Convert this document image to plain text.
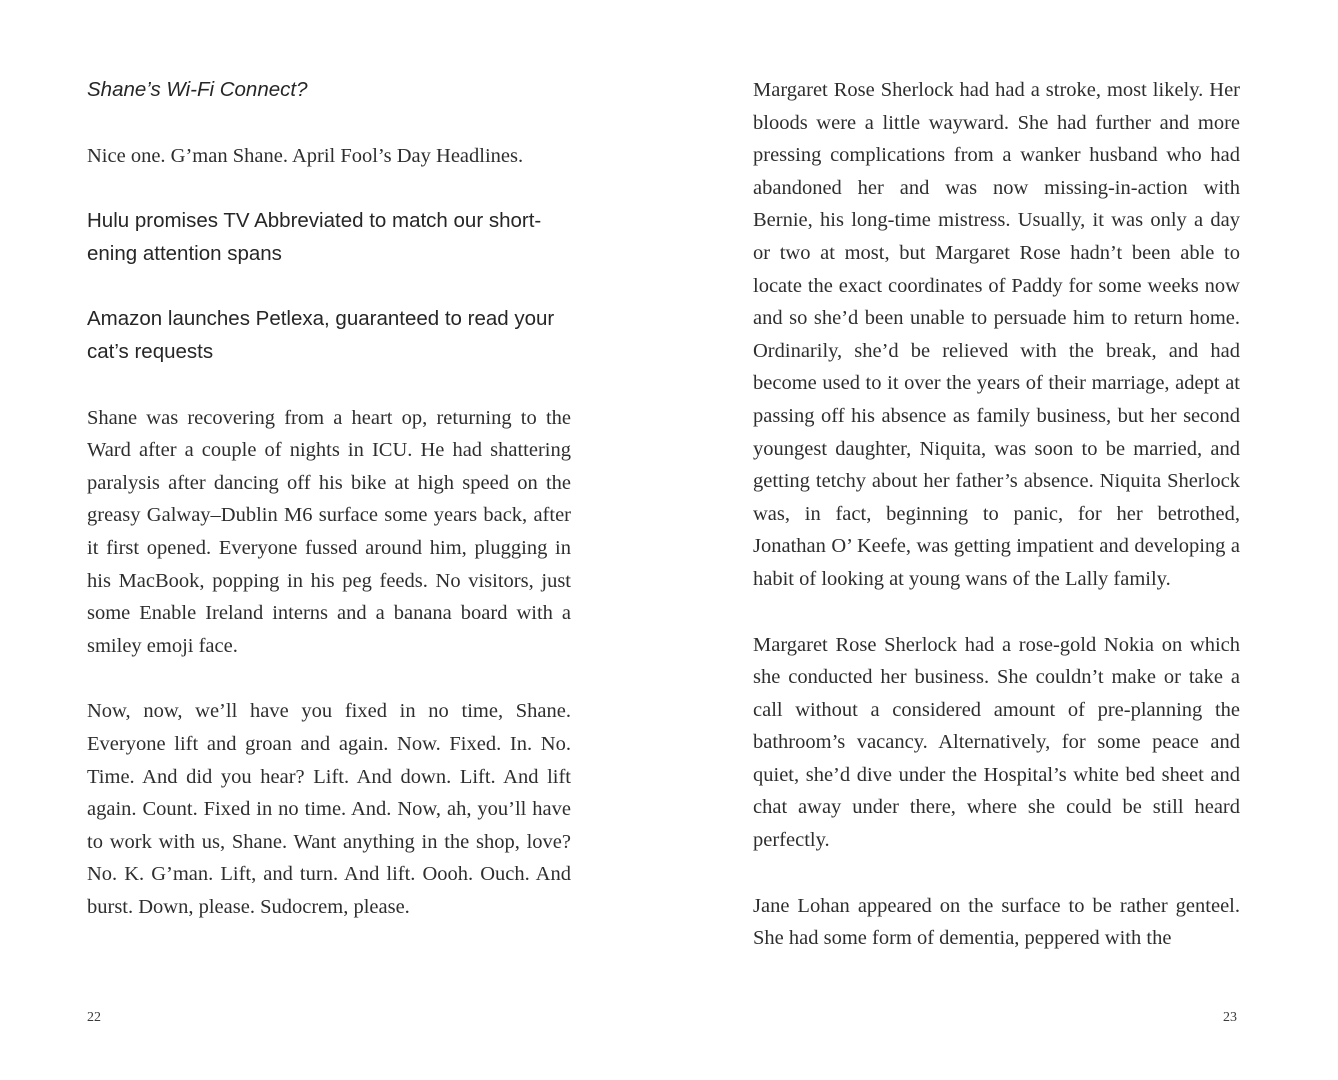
Shane’s Wi-Fi Connect?

Nice one. G’man Shane. April Fool’s Day Headlines.

Hulu promises TV Abbreviated to match our shortening attention spans

Amazon launches Petlexa, guaranteed to read your cat’s requests

Shane was recovering from a heart op, returning to the Ward after a couple of nights in ICU. He had shattering paralysis after dancing off his bike at high speed on the greasy Galway–Dublin M6 surface some years back, after it first opened. Everyone fussed around him, plugging in his MacBook, popping in his peg feeds. No visitors, just some Enable Ireland interns and a banana board with a smiley emoji face.

Now, now, we’ll have you fixed in no time, Shane. Everyone lift and groan and again. Now. Fixed. In. No. Time. And did you hear? Lift. And down. Lift. And lift again. Count. Fixed in no time. And. Now, ah, you’ll have to work with us, Shane. Want anything in the shop, love? No. K. G’man. Lift, and turn. And lift. Oooh. Ouch. And burst. Down, please. Sudocrem, please.

22

Margaret Rose Sherlock had had a stroke, most likely. Her bloods were a little wayward. She had further and more pressing complications from a wanker husband who had abandoned her and was now missing-in-action with Bernie, his long-time mistress. Usually, it was only a day or two at most, but Margaret Rose hadn’t been able to locate the exact coordinates of Paddy for some weeks now and so she’d been unable to persuade him to return home. Ordinarily, she’d be relieved with the break, and had become used to it over the years of their marriage, adept at passing off his absence as family business, but her second youngest daughter, Niquita, was soon to be married, and getting tetchy about her father’s absence. Niquita Sherlock was, in fact, beginning to panic, for her betrothed, Jonathan O’ Keefe, was getting impatient and developing a habit of looking at young wans of the Lally family.

Margaret Rose Sherlock had a rose-gold Nokia on which she conducted her business. She couldn’t make or take a call without a considered amount of pre-planning the bathroom’s vacancy. Alternatively, for some peace and quiet, she’d dive under the Hospital’s white bed sheet and chat away under there, where she could be still heard perfectly.

Jane Lohan appeared on the surface to be rather genteel. She had some form of dementia, peppered with the

23
